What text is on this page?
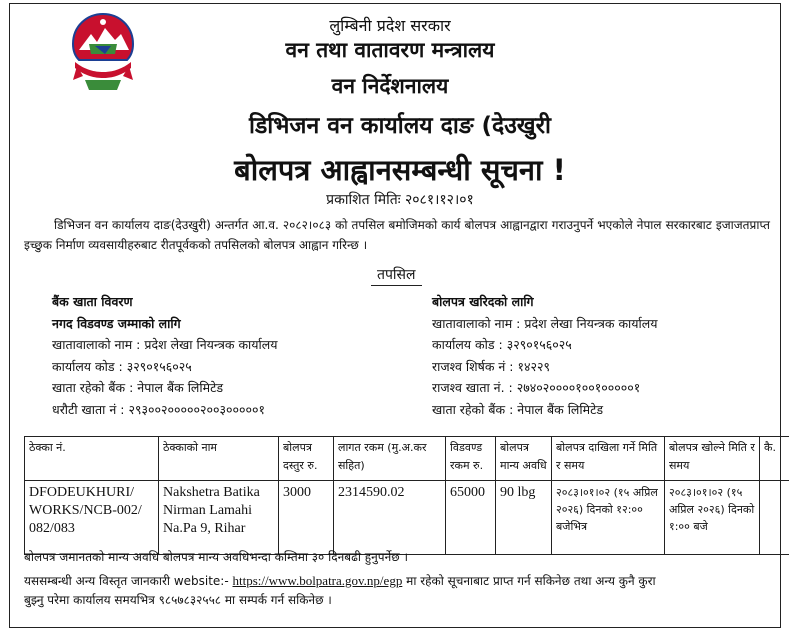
लुम्बिनी प्रदेश सरकार
वन तथा वातावरण मन्त्रालय
वन निर्देशनालय
डिभिजन वन कार्यालय दाङ (देउखुरी
बोलपत्र आह्वानसम्बन्धी सूचना !
प्रकाशित मितिः २०८१।१२।०१
डिभिजन वन कार्यालय दाङ(देउखुरी) अन्तर्गत आ.व. २०८२।०८३ को तपसिल बमोजिमको कार्य बोलपत्र आह्वानद्वारा गराउनुपर्ने भएकोले नेपाल सरकारबाट इजाजतप्राप्त इच्छुक निर्माण व्यवसायीहरुबाट रीतपूर्वकको तपसिलको बोलपत्र आह्वान गरिन्छ ।
तपसिल
बैंक खाता विवरण
नगद विडवण्ड जम्माको लागि
खातावालाको नाम : प्रदेश लेखा नियन्त्रक कार्यालय
कार्यालय कोड : ३२९०१५६०२५
खाता रहेको बैंक : नेपाल बैंक लिमिटेड
धरौटी खाता नं : २९३००२०००००२००३०००००१
बोलपत्र खरिदको लागि
खातावालाको नाम : प्रदेश लेखा नियन्त्रक कार्यालय
कार्यालय कोड : ३२९०१५६०२५
राजश्व शिर्षक नं : १४२२९
राजश्व खाता नं. : २७४०२००००१००१०००००१
खाता रहेको बैंक : नेपाल बैंक लिमिटेड
ठेक्का नं.	ठेक्काको नाम	बोलपत्र दस्तुर रु.	लागत रकम (मु.अ.कर सहित)	विडवण्ड रकम रु.	बोलपत्र मान्य अवधि	बोलपत्र दाखिला गर्ने मिति र समय	बोलपत्र खोल्ने मिति र समय	कै.
DFODEUKHURI/ WORKS/NCB-002/ 082/083	Nakshetra Batika Nirman Lamahi Na.Pa 9, Rihar	3000	2314590.02	65000	90 lbg	२०८३।०१।०२ (१५ अप्रिल २०२६) दिनको १२:०० बजेभित्र	२०८३।०१।०२ (१५ अप्रिल २०२६) दिनको १:०० बजे	
बोलपत्र जमानतको मान्य अवधि बोलपत्र मान्य अवधिभन्दा कम्तिमा ३० दिनबढी हुनुपर्नेछ ।
यससम्बन्धी अन्य विस्तृत जानकारी website:- https://www.bolpatra.gov.np/egp मा रहेको सूचनाबाट प्राप्त गर्न सकिनेछ तथा अन्य कुनै कुरा
बुझ्नु परेमा कार्यालय समयभित्र ९८५७८३२५५८ मा सम्पर्क गर्न सकिनेछ ।
